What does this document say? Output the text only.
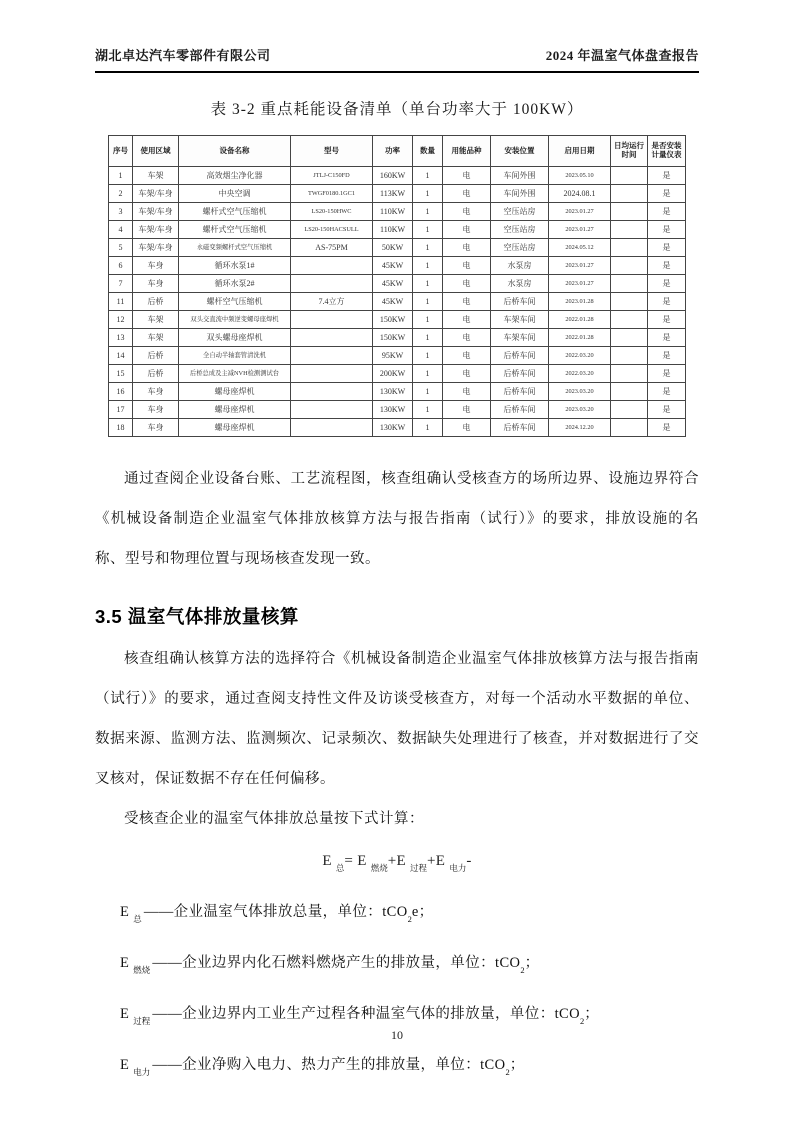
湖北卓达汽车零部件有限公司	2024 年温室气体盘查报告
表 3-2 重点耗能设备清单（单台功率大于 100KW）
序号	使用区域	设备名称	型号	功率	数量	用能品种	安装位置	启用日期	日均运行时间	是否安装计量仪表
1	车架	高效烟尘净化器	JTLJ-C150FD	160KW	1	电	车间外围	2023.05.10		是
2	车架/车身	中央空调	TWGF0180.1GC1	113KW	1	电	车间外围	2024.08.1		是
3	车架/车身	螺杆式空气压缩机	LS20-150HWC	110KW	1	电	空压站房	2023.01.27		是
4	车架/车身	螺杆式空气压缩机	LS20-150HACSULL	110KW	1	电	空压站房	2023.01.27		是
5	车架/车身	永磁变频螺杆式空气压缩机	AS-75PM	50KW	1	电	空压站房	2024.05.12		是
6	车身	循环水泵1#		45KW	1	电	水泵房	2023.01.27		是
7	车身	循环水泵2#		45KW	1	电	水泵房	2023.01.27		是
11	后桥	螺杆空气压缩机	7.4立方	45KW	1	电	后桥车间	2023.01.28		是
12	车架	双头交直流中频逆变螺母座焊机		150KW	1	电	车架车间	2022.01.28		是
13	车架	双头螺母座焊机		150KW	1	电	车架车间	2022.01.28		是
14	后桥	全自动半轴套管清洗机		95KW	1	电	后桥车间	2022.03.20		是
15	后桥	后桥总成及主减NVH检测测试台		200KW	1	电	后桥车间	2022.03.20		是
16	车身	螺母座焊机		130KW	1	电	后桥车间	2023.03.20		是
17	车身	螺母座焊机		130KW	1	电	后桥车间	2023.03.20		是
18	车身	螺母座焊机		130KW	1	电	后桥车间	2024.12.20		是
通过查阅企业设备台账、工艺流程图，核查组确认受核查方的场所边界、设施边界符合《机械设备制造企业温室气体排放核算方法与报告指南（试行）》的要求，排放设施的名称、型号和物理位置与现场核查发现一致。
3.5 温室气体排放量核算
核查组确认核算方法的选择符合《机械设备制造企业温室气体排放核算方法与报告指南（试行）》的要求，通过查阅支持性文件及访谈受核查方，对每一个活动水平数据的单位、数据来源、监测方法、监测频次、记录频次、数据缺失处理进行了核查，并对数据进行了交叉核对，保证数据不存在任何偏移。
受核查企业的温室气体排放总量按下式计算：
E $_总$= E $_{燃烧}$+E $_{过程}$+E $_{电力}$-
E $_总$ ——企业温室气体排放总量，单位：tCO$_2$e；
E $_{燃烧}$ ——企业边界内化石燃料燃烧产生的排放量，单位：tCO$_2$；
E $_{过程}$ ——企业边界内工业生产过程各种温室气体的排放量，单位：tCO$_2$；
E $_{电力}$ ——企业净购入电力、热力产生的排放量，单位：tCO$_2$；
10
